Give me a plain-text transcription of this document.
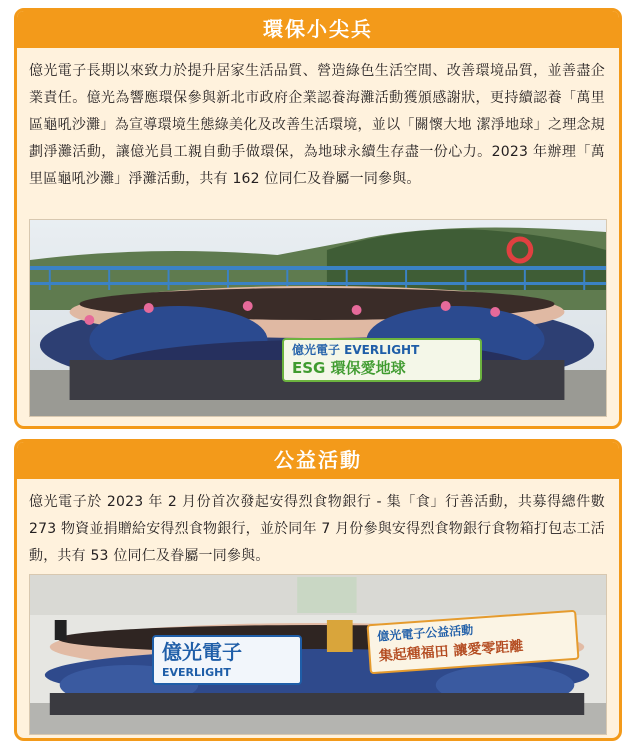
環保小尖兵
億光電子長期以來致力於提升居家生活品質、營造綠色生活空間、改善環境品質，並善盡企業責任。億光為響應環保參與新北市政府企業認養海灘活動獲頒感謝狀，更持續認養「萬里區龜吼沙灘」為宣導環境生態綠美化及改善生活環境，並以「關懷大地 潔淨地球」之理念規劃淨灘活動，讓億光員工親自動手做環保，為地球永續生存盡一份心力。2023 年辦理「萬里區龜吼沙灘」淨灘活動，共有 162 位同仁及眷屬一同參與。
億光電子 EVERLIGHT
ESG 環保愛地球
公益活動
億光電子於 2023 年 2 月份首次發起安得烈食物銀行 - 集「食」行善活動，共募得總件數 273 物資並捐贈給安得烈食物銀行，並於同年 7 月份參與安得烈食物銀行食物箱打包志工活動，共有 53 位同仁及眷屬一同參與。
億光電子
EVERLIGHT
億光電子公益活動
集起種福田 讓愛零距離
